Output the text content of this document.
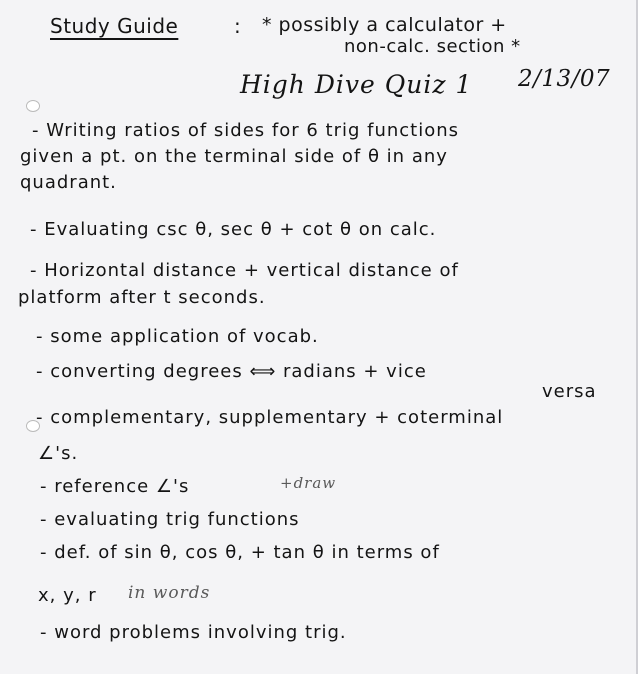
Study Guide	: * possibly a calculator +
non-calc. section *
High Dive Quiz 1 2/13/07
- Writing ratios of sides for 6 trig functions
given a pt. on the terminal side of θ in any
quadrant.
- Evaluating csc θ, sec θ + cot θ on calc.
- Horizontal distance + vertical distance of
platform after t seconds.
- some application of vocab.
- converting degrees ⟺ radians + vice
versa
- complementary, supplementary + coterminal
∠'s.
- reference ∠'s	+draw
- evaluating trig functions
- def. of sin θ, cos θ, + tan θ in terms of
x, y, r in words
- word problems involving trig.
